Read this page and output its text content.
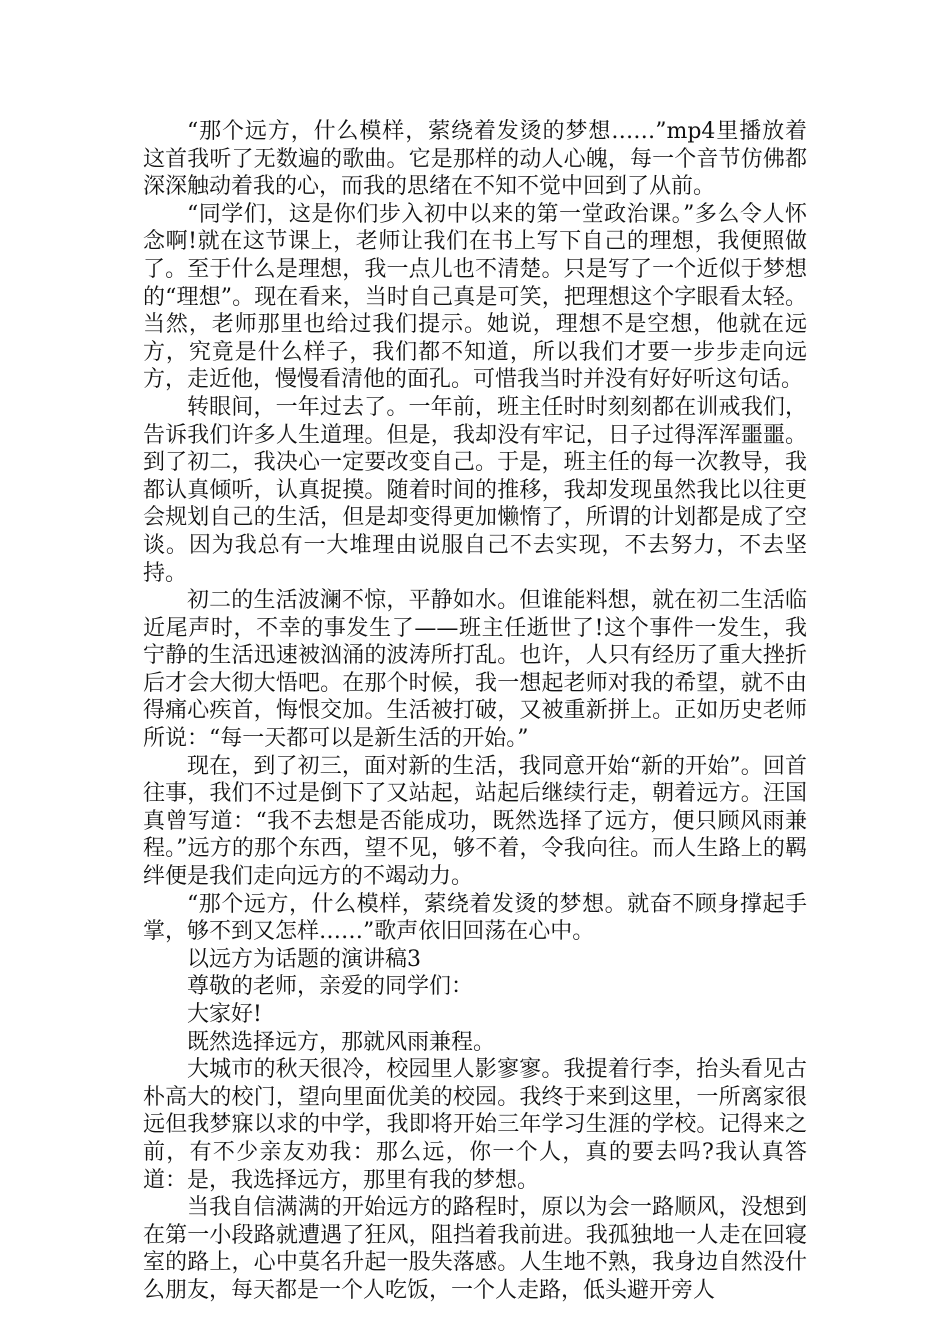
“那个远方，什么模样，萦绕着发烫的梦想……”mp4里播放着这首我听了无数遍的歌曲。它是那样的动人心魄，每一个音节仿佛都深深触动着我的心，而我的思绪在不知不觉中回到了从前。

“同学们，这是你们步入初中以来的第一堂政治课。”多么令人怀念啊!就在这节课上，老师让我们在书上写下自己的理想，我便照做了。至于什么是理想，我一点儿也不清楚。只是写了一个近似于梦想的“理想”。现在看来，当时自己真是可笑，把理想这个字眼看太轻。当然，老师那里也给过我们提示。她说，理想不是空想，他就在远方，究竟是什么样子，我们都不知道，所以我们才要一步步走向远方，走近他，慢慢看清他的面孔。可惜我当时并没有好好听这句话。

转眼间，一年过去了。一年前，班主任时时刻刻都在训戒我们，告诉我们许多人生道理。但是，我却没有牢记，日子过得浑浑噩噩。到了初二，我决心一定要改变自己。于是，班主任的每一次教导，我都认真倾听，认真捉摸。随着时间的推移，我却发现虽然我比以往更会规划自己的生活，但是却变得更加懒惰了，所谓的计划都是成了空谈。因为我总有一大堆理由说服自己不去实现，不去努力，不去坚持。

初二的生活波澜不惊，平静如水。但谁能料想，就在初二生活临近尾声时，不幸的事发生了——班主任逝世了!这个事件一发生，我宁静的生活迅速被汹涌的波涛所打乱。也许，人只有经历了重大挫折后才会大彻大悟吧。在那个时候，我一想起老师对我的希望，就不由得痛心疾首，悔恨交加。生活被打破，又被重新拼上。正如历史老师所说：“每一天都可以是新生活的开始。”

现在，到了初三，面对新的生活，我同意开始“新的开始”。回首往事，我们不过是倒下了又站起，站起后继续行走，朝着远方。汪国真曾写道：“我不去想是否能成功，既然选择了远方，便只顾风雨兼程。”远方的那个东西，望不见，够不着，令我向往。而人生路上的羁绊便是我们走向远方的不竭动力。

“那个远方，什么模样，萦绕着发烫的梦想。就奋不顾身撑起手掌，够不到又怎样……”歌声依旧回荡在心中。

以远方为话题的演讲稿3

尊敬的老师，亲爱的同学们：

大家好!

既然选择远方，那就风雨兼程。

大城市的秋天很冷，校园里人影寥寥。我提着行李，抬头看见古朴高大的校门，望向里面优美的校园。我终于来到这里，一所离家很远但我梦寐以求的中学，我即将开始三年学习生涯的学校。记得来之前，有不少亲友劝我：那么远，你一个人，真的要去吗?我认真答道：是，我选择远方，那里有我的梦想。

当我自信满满的开始远方的路程时，原以为会一路顺风，没想到在第一小段路就遭遇了狂风，阻挡着我前进。我孤独地一人走在回寝室的路上，心中莫名升起一股失落感。人生地不熟，我身边自然没什么朋友，每天都是一个人吃饭，一个人走路，低头避开旁人
